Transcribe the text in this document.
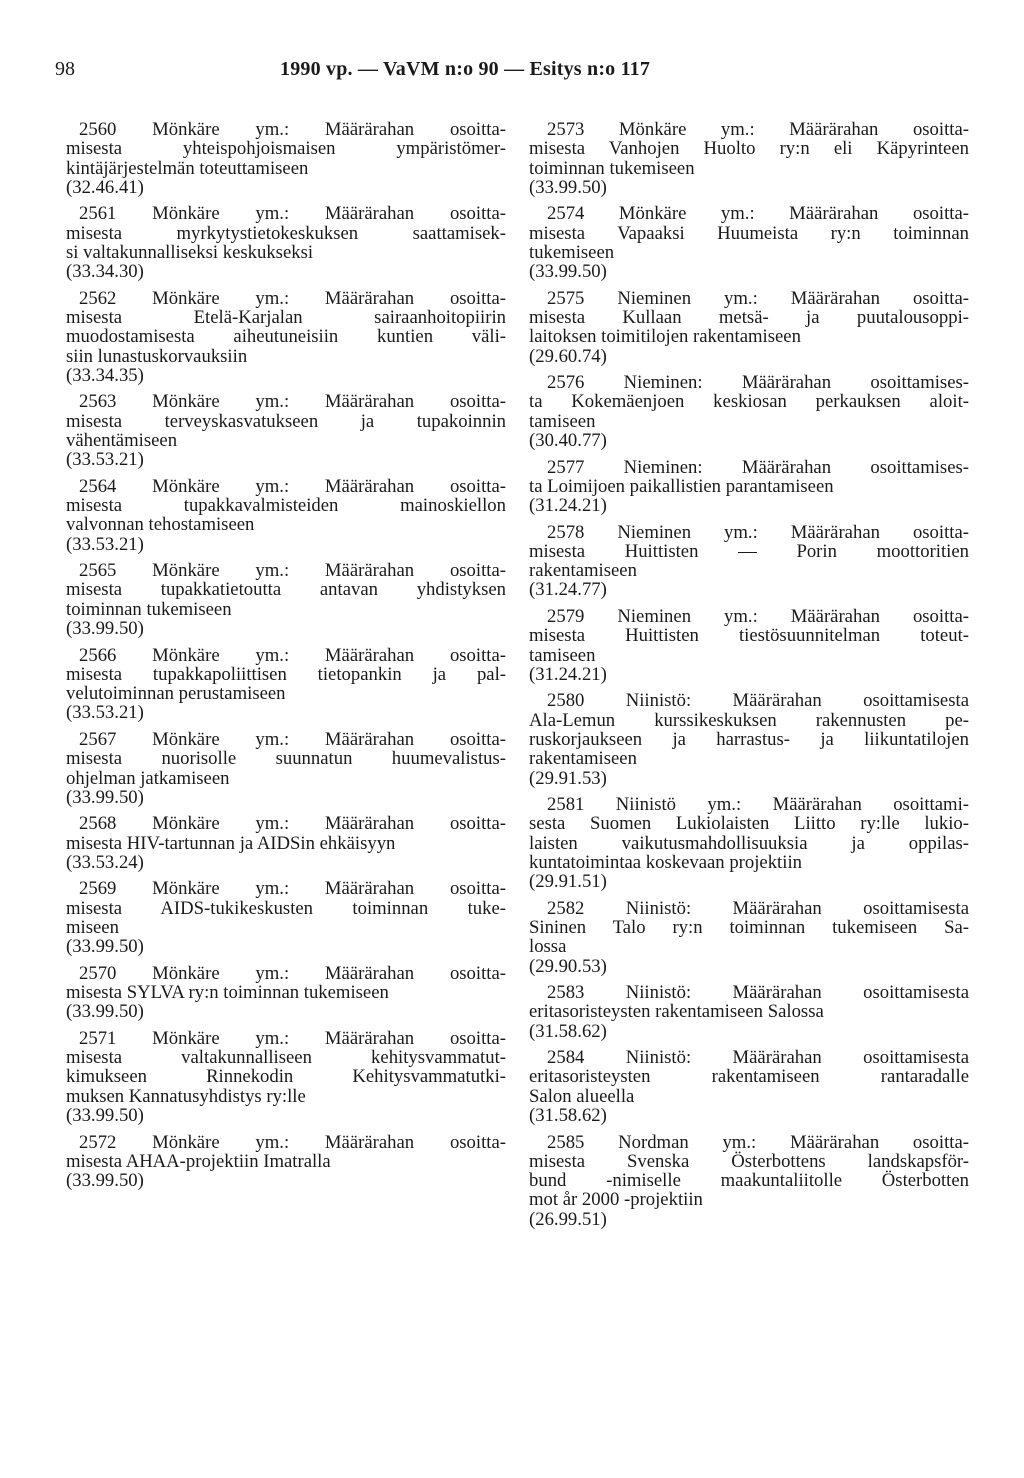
98	1990 vp. — VaVM n:o 90 — Esitys n:o 117
2560 Mönkäre ym.: Määrärahan osoitta-
misesta yhteispohjoismaisen ympäristömer-
kintäjärjestelmän toteuttamiseen
(32.46.41)
2561 Mönkäre ym.: Määrärahan osoitta-
misesta myrkytystietokeskuksen saattamisek-
si valtakunnalliseksi keskukseksi
(33.34.30)
2562 Mönkäre ym.: Määrärahan osoitta-
misesta Etelä-Karjalan sairaanhoitopiirin
muodostamisesta aiheutuneisiin kuntien väli-
siin lunastuskorvauksiin
(33.34.35)
2563 Mönkäre ym.: Määrärahan osoitta-
misesta terveyskasvatukseen ja tupakoinnin
vähentämiseen
(33.53.21)
2564 Mönkäre ym.: Määrärahan osoitta-
misesta tupakkavalmisteiden mainoskiellon
valvonnan tehostamiseen
(33.53.21)
2565 Mönkäre ym.: Määrärahan osoitta-
misesta tupakkatietoutta antavan yhdistyksen
toiminnan tukemiseen
(33.99.50)
2566 Mönkäre ym.: Määrärahan osoitta-
misesta tupakkapoliittisen tietopankin ja pal-
velutoiminnan perustamiseen
(33.53.21)
2567 Mönkäre ym.: Määrärahan osoitta-
misesta nuorisolle suunnatun huumevalistus-
ohjelman jatkamiseen
(33.99.50)
2568 Mönkäre ym.: Määrärahan osoitta-
misesta HIV-tartunnan ja AIDSin ehkäisyyn
(33.53.24)
2569 Mönkäre ym.: Määrärahan osoitta-
misesta AIDS-tukikeskusten toiminnan tuke-
miseen
(33.99.50)
2570 Mönkäre ym.: Määrärahan osoitta-
misesta SYLVA ry:n toiminnan tukemiseen
(33.99.50)
2571 Mönkäre ym.: Määrärahan osoitta-
misesta valtakunnalliseen kehitysvammatut-
kimukseen Rinnekodin Kehitysvammatutki-
muksen Kannatusyhdistys ry:lle
(33.99.50)
2572 Mönkäre ym.: Määrärahan osoitta-
misesta AHAA-projektiin Imatralla
(33.99.50)
2573 Mönkäre ym.: Määrärahan osoitta-
misesta Vanhojen Huolto ry:n eli Käpyrinteen
toiminnan tukemiseen
(33.99.50)
2574 Mönkäre ym.: Määrärahan osoitta-
misesta Vapaaksi Huumeista ry:n toiminnan
tukemiseen
(33.99.50)
2575 Nieminen ym.: Määrärahan osoitta-
misesta Kullaan metsä- ja puutalousoppi-
laitoksen toimitilojen rakentamiseen
(29.60.74)
2576 Nieminen: Määrärahan osoittamises-
ta Kokemäenjoen keskiosan perkauksen aloit-
tamiseen
(30.40.77)
2577 Nieminen: Määrärahan osoittamises-
ta Loimijoen paikallistien parantamiseen
(31.24.21)
2578 Nieminen ym.: Määrärahan osoitta-
misesta Huittisten — Porin moottoritien
rakentamiseen
(31.24.77)
2579 Nieminen ym.: Määrärahan osoitta-
misesta Huittisten tiestösuunnitelman toteut-
tamiseen
(31.24.21)
2580 Niinistö: Määrärahan osoittamisesta
Ala-Lemun kurssikeskuksen rakennusten pe-
ruskorjaukseen ja harrastus- ja liikuntatilojen
rakentamiseen
(29.91.53)
2581 Niinistö ym.: Määrärahan osoittami-
sesta Suomen Lukiolaisten Liitto ry:lle lukio-
laisten vaikutusmahdollisuuksia ja oppilas-
kuntatoimintaa koskevaan projektiin
(29.91.51)
2582 Niinistö: Määrärahan osoittamisesta
Sininen Talo ry:n toiminnan tukemiseen Sa-
lossa
(29.90.53)
2583 Niinistö: Määrärahan osoittamisesta
eritasoristeysten rakentamiseen Salossa
(31.58.62)
2584 Niinistö: Määrärahan osoittamisesta
eritasoristeysten rakentamiseen rantaradalle
Salon alueella
(31.58.62)
2585 Nordman ym.: Määrärahan osoitta-
misesta Svenska Österbottens landskapsför-
bund -nimiselle maakuntaliitolle Österbotten
mot år 2000 -projektiin
(26.99.51)
